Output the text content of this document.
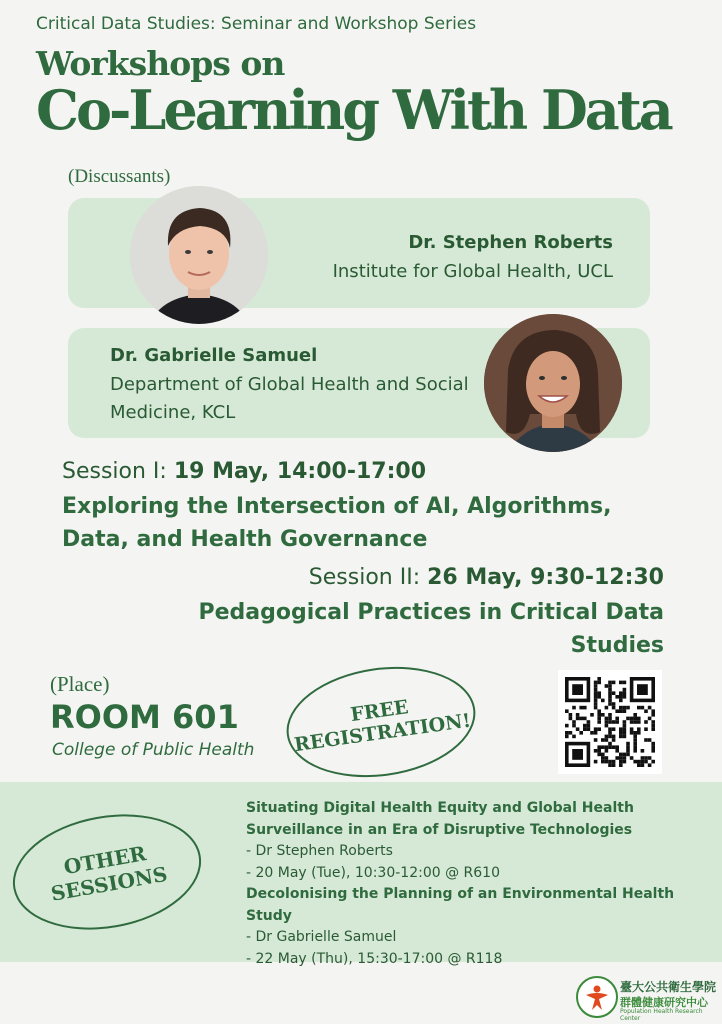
Critical Data Studies: Seminar and Workshop Series
Workshops on
Co-Learning With Data
(Discussants)
Dr. Stephen Roberts
Institute for Global Health, UCL
Dr. Gabrielle Samuel
Department of Global Health and Social Medicine, KCL
Session I: 19 May, 14:00-17:00
Exploring the Intersection of AI, Algorithms, Data, and Health Governance
Session II: 26 May, 9:30-12:30
Pedagogical Practices in Critical Data Studies
(Place)
ROOM 601
College of Public Health
FREE REGISTRATION!
OTHER SESSIONS
Situating Digital Health Equity and Global Health Surveillance in an Era of Disruptive Technologies
- Dr Stephen Roberts
- 20 May (Tue), 10:30-12:00 @ R610
Decolonising the Planning of an Environmental Health Study
- Dr Gabrielle Samuel
- 22 May (Thu), 15:30-17:00 @ R118
臺大公共衛生學院
群體健康研究中心
Population Health Research Center
